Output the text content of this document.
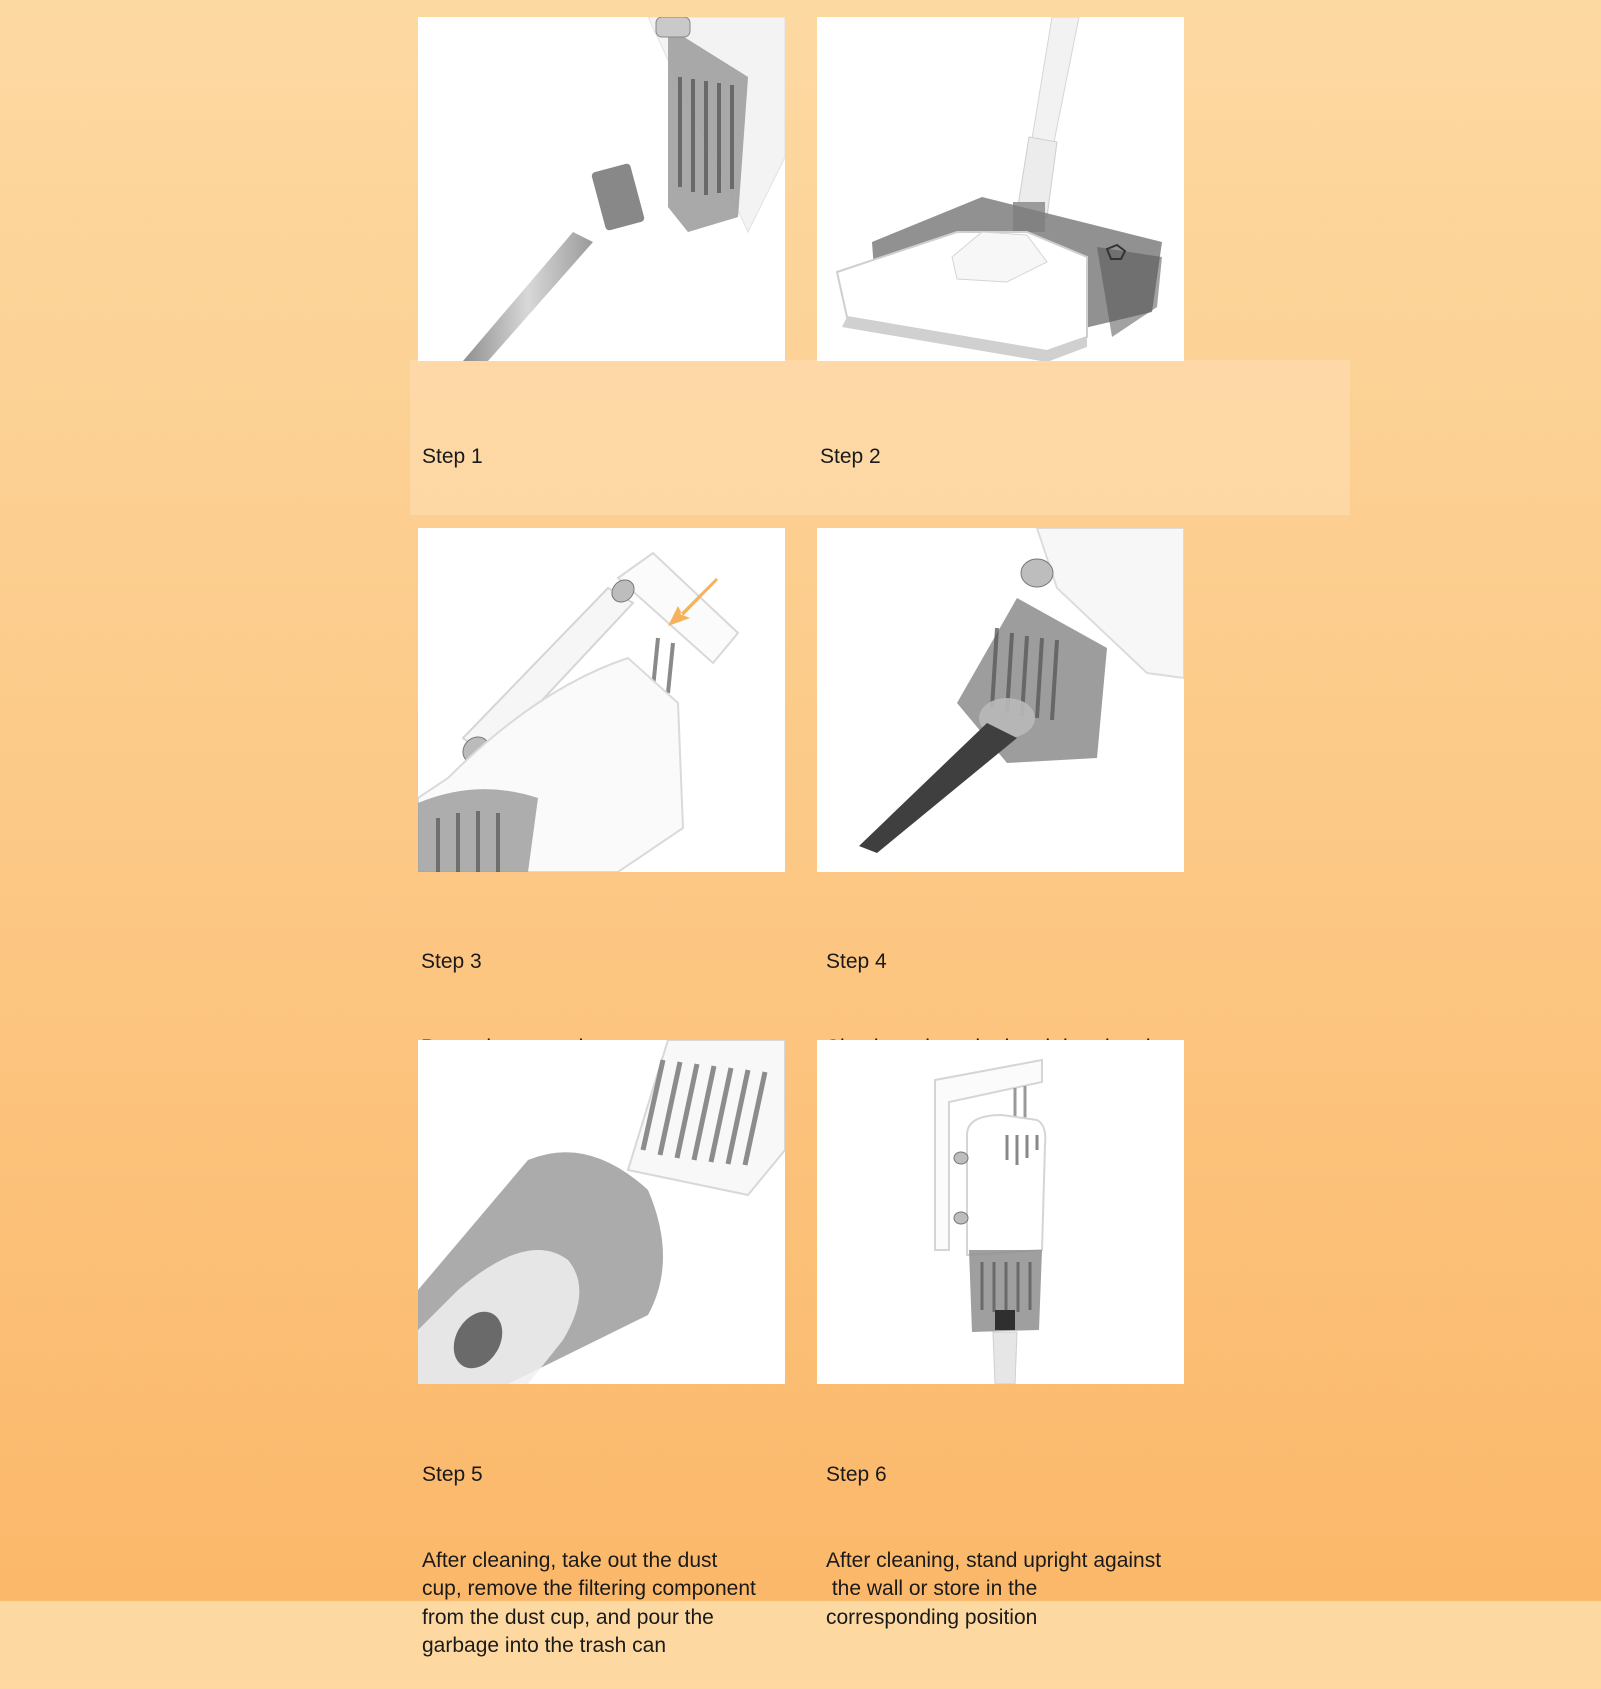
Step 1

	Step 2

Step 3

	Step 4

Step 5

After cleaning, take out the dust
cup, remove the filtering component
from the dust cup, and pour the
garbage into the trash can

Step 6

After cleaning, stand upright against
the wall or store in the
corresponding position
